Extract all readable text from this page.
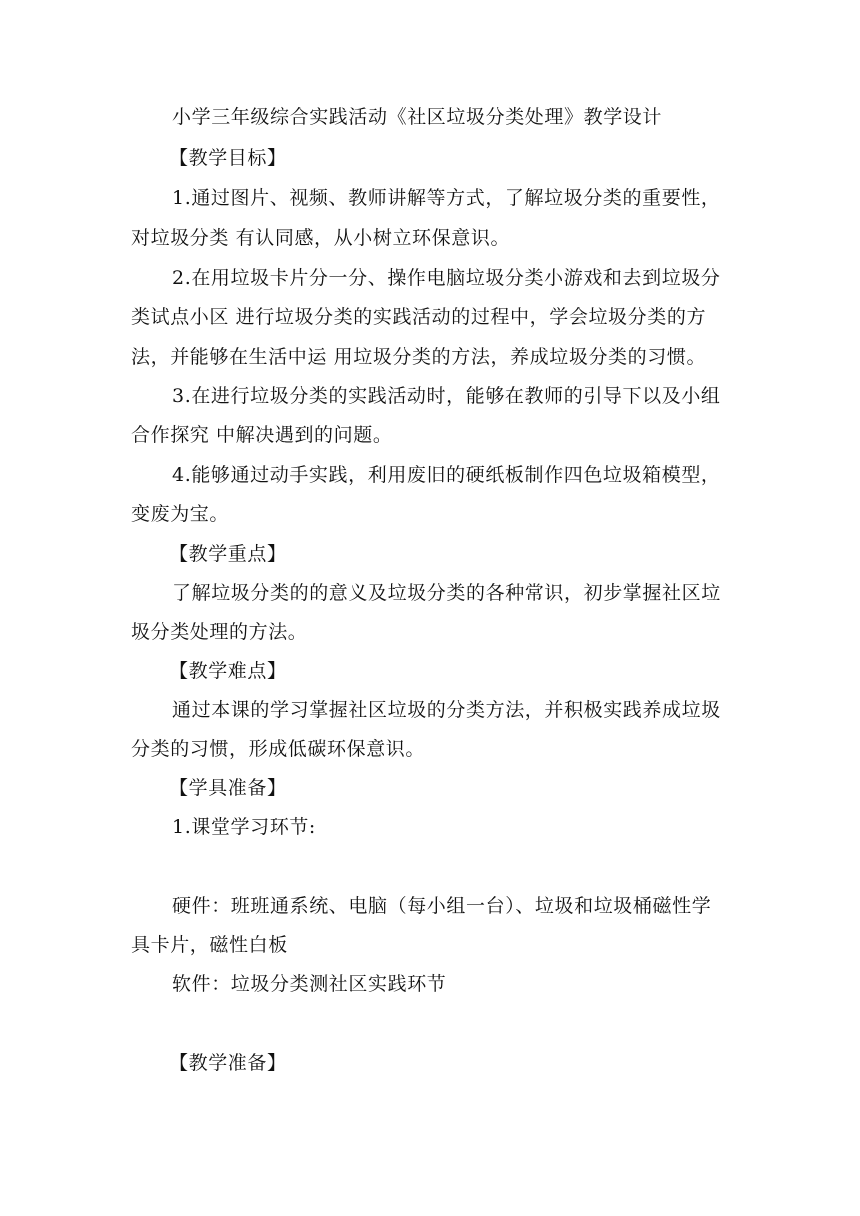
小学三年级综合实践活动《社区垃圾分类处理》教学设计
【教学目标】
1.通过图片、视频、教师讲解等方式，了解垃圾分类的重要性，
对垃圾分类 有认同感，从小树立环保意识。
2.在用垃圾卡片分一分、操作电脑垃圾分类小游戏和去到垃圾分
类试点小区 进行垃圾分类的实践活动的过程中，学会垃圾分类的方
法，并能够在生活中运 用垃圾分类的方法，养成垃圾分类的习惯。
3.在进行垃圾分类的实践活动时，能够在教师的引导下以及小组
合作探究 中解决遇到的问题。
4.能够通过动手实践，利用废旧的硬纸板制作四色垃圾箱模型，
变废为宝。
【教学重点】
了解垃圾分类的的意义及垃圾分类的各种常识，初步掌握社区垃
圾分类处理的方法。
【教学难点】
通过本课的学习掌握社区垃圾的分类方法，并积极实践养成垃圾
分类的习惯，形成低碳环保意识。
【学具准备】
1.课堂学习环节:
硬件：班班通系统、电脑（每小组一台）、垃圾和垃圾桶磁性学
具卡片，磁性白板
软件：垃圾分类测社区实践环节
【教学准备】
